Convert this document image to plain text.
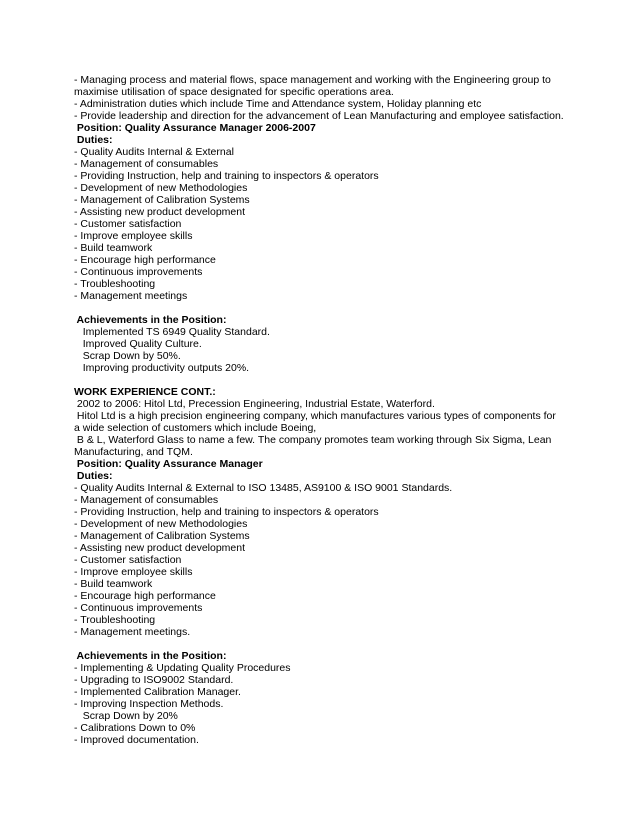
- Managing process and material flows, space management and working with the Engineering group to

maximise utilisation of space designated for specific operations area.

- Administration duties which include Time and Attendance system, Holiday planning etc

- Provide leadership and direction for the advancement of Lean Manufacturing and employee satisfaction.

Position: Quality Assurance Manager 2006-2007

Duties:

- Quality Audits Internal & External

- Management of consumables

- Providing Instruction, help and training to inspectors & operators

- Development of new Methodologies

- Management of Calibration Systems

- Assisting new product development

- Customer satisfaction

- Improve employee skills

- Build teamwork

- Encourage high performance

- Continuous improvements

- Troubleshooting

- Management meetings

Achievements in the Position:

Implemented TS 6949 Quality Standard.

Improved Quality Culture.

Scrap Down by 50%.

Improving productivity outputs 20%.

WORK EXPERIENCE CONT.:

2002 to 2006: Hitol Ltd, Precession Engineering, Industrial Estate, Waterford.

Hitol Ltd is a high precision engineering company, which manufactures various types of components for

a wide selection of customers which include Boeing,

B & L, Waterford Glass to name a few. The company promotes team working through Six Sigma, Lean

Manufacturing, and TQM.

Position: Quality Assurance Manager

Duties:

- Quality Audits Internal & External to ISO 13485, AS9100 & ISO 9001 Standards.

- Management of consumables

- Providing Instruction, help and training to inspectors & operators

- Development of new Methodologies

- Management of Calibration Systems

- Assisting new product development

- Customer satisfaction

- Improve employee skills

- Build teamwork

- Encourage high performance

- Continuous improvements

- Troubleshooting

- Management meetings.

Achievements in the Position:

- Implementing & Updating Quality Procedures

- Upgrading to ISO9002 Standard.

- Implemented Calibration Manager.

- Improving Inspection Methods.

Scrap Down by 20%

- Calibrations Down to 0%

- Improved documentation.
